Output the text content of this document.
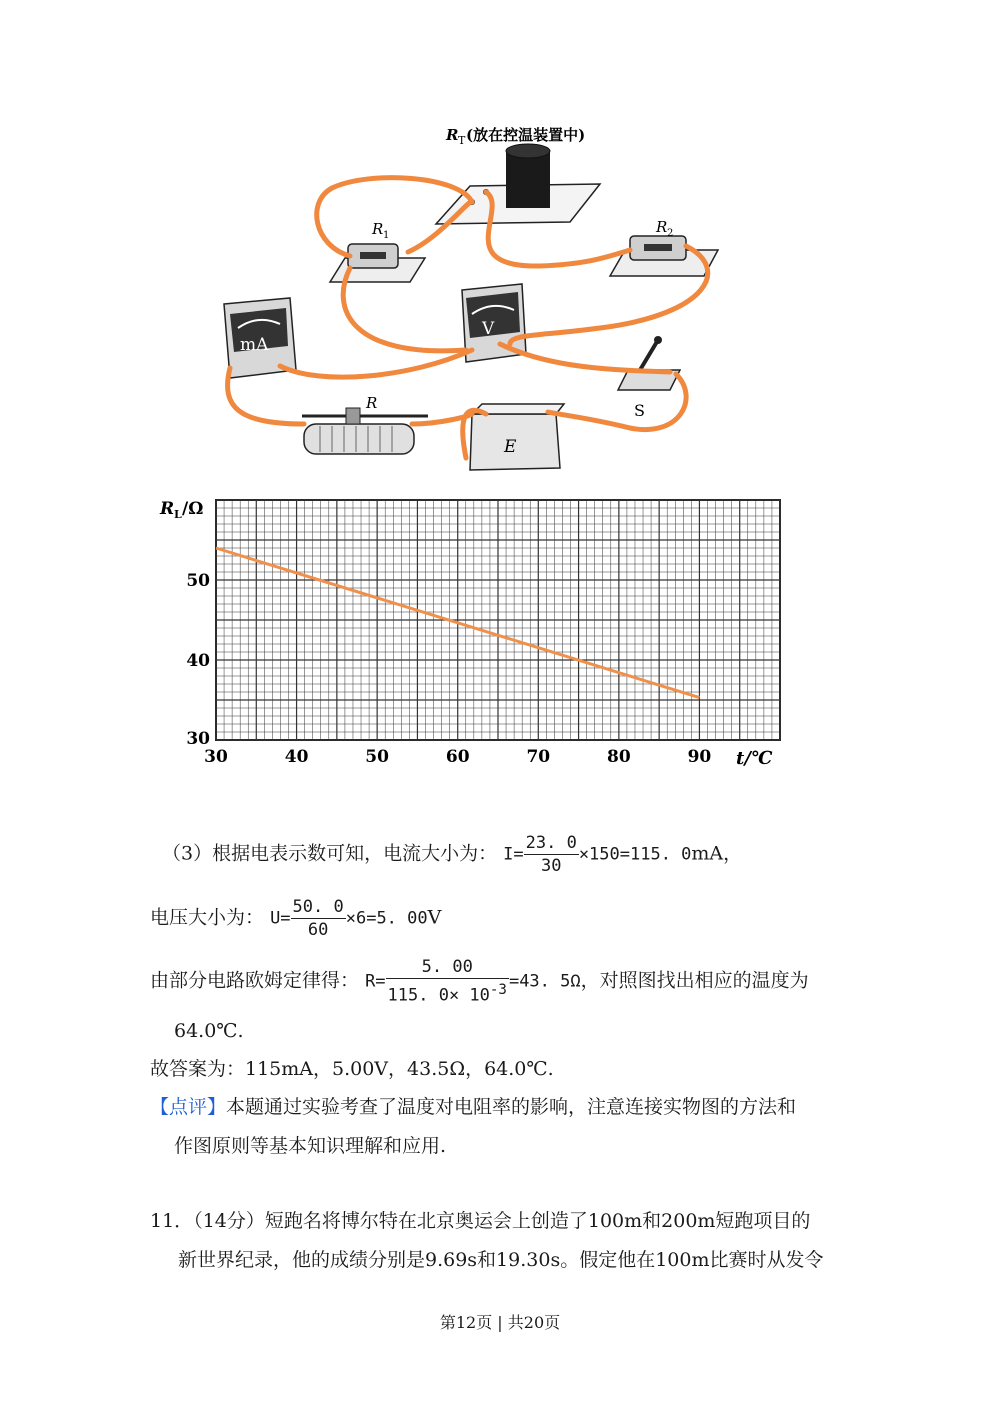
R T (放在控温装置中)
R 1	R 2
mA
V
S
R
E
30	40	50	60	70	80	90
30
40
50
R L /Ω
t/℃
（3）根据电表示数可知，电流大小为： $I= \frac{23. 0}{30} \times 150=115$. 0mA，
电压大小为： $U= \frac{50. 0}{60} \times 6=5$. 00V
由部分电路欧姆定律得： $R= \frac{5. 00}{115. 0\times 10^{-3}} =43$. 5Ω，对照图找出相应的温度为
64.0℃.
故答案为：115mA，5.00V，43.5Ω，64.0℃.
【点评】本题通过实验考查了温度对电阻率的影响，注意连接实物图的方法和
作图原则等基本知识理解和应用.
11．（14分）短跑名将博尔特在北京奥运会上创造了100m和200m短跑项目的
新世界纪录，他的成绩分别是9.69s和19.30s。假定他在100m比赛时从发令
第12页 | 共20页
